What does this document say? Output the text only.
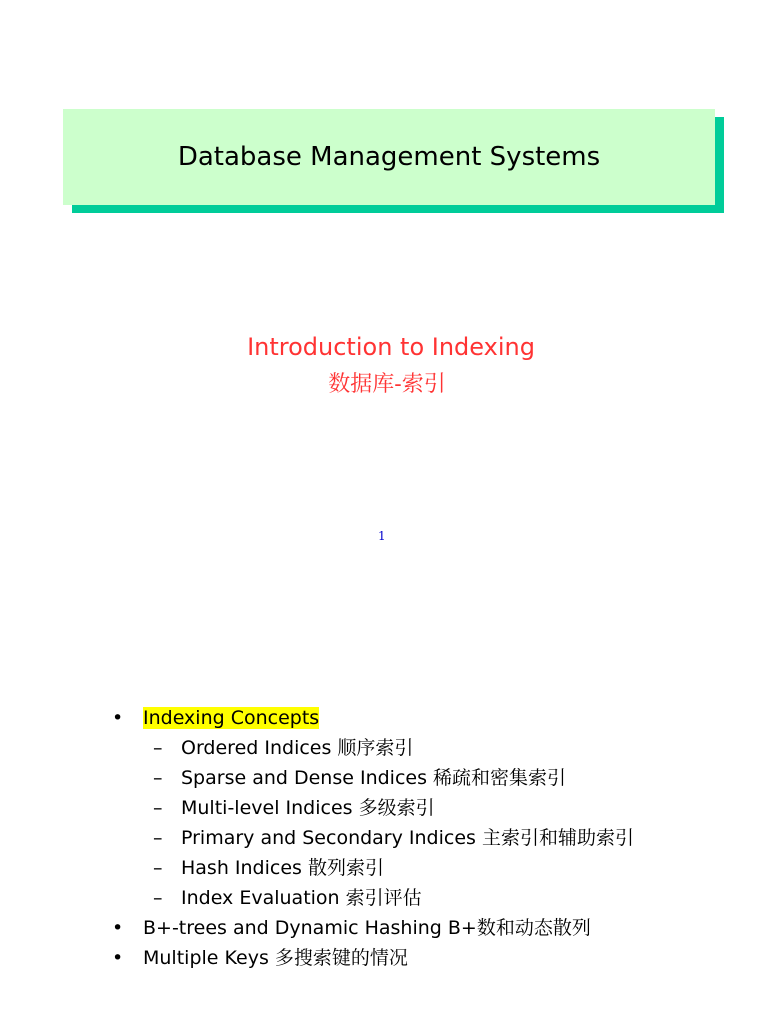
Database Management Systems
Introduction to Indexing
数据库-索引
1
•	Indexing Concepts
– Ordered Indices 顺序索引
– Sparse and Dense Indices 稀疏和密集索引
– Multi-level Indices 多级索引
– Primary and Secondary Indices 主索引和辅助索引
– Hash Indices 散列索引
– Index Evaluation 索引评估
•	B+-trees and Dynamic Hashing B+数和动态散列
•	Multiple Keys 多搜索键的情况
